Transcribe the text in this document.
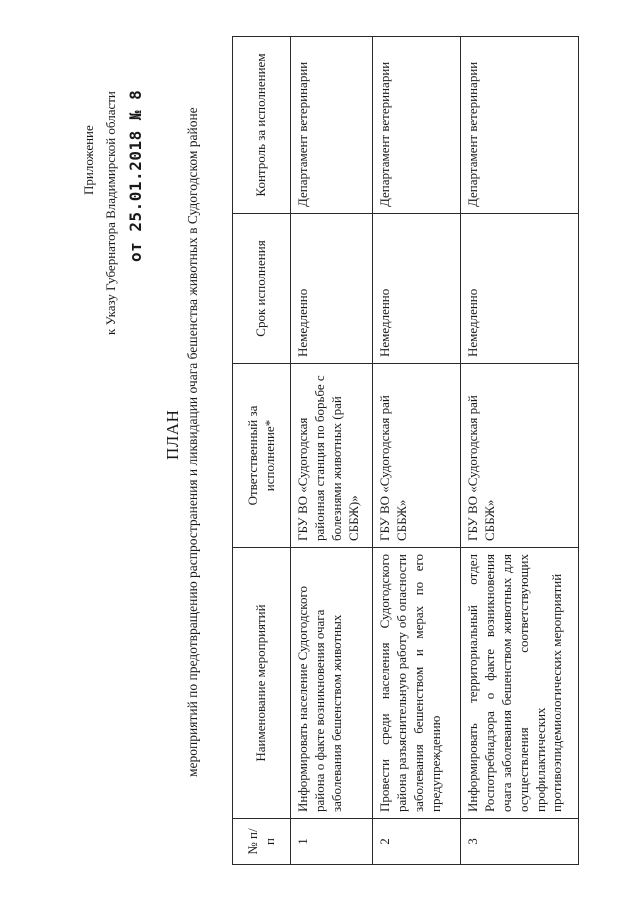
Приложение к Указу Губернатора Владимирской области от 25.01.2018 № 8
ПЛАН мероприятий по предотвращению распространения и ликвидации очага бешенства животных в Судогодском районе
№ п/п	Наименование мероприятий	Ответственный за исполнение*	Срок исполнения	Контроль за исполнением
1	Информировать население Судогодского района о факте возникновения очага заболевания бешенством животных	ГБУ ВО «Судогодская районная станция по борьбе с болезнями животных (рай СББЖ)»	Немедленно	Департамент ветеринарии
2	Провести среди населения Судогодского района разъяснительную работу об опасности заболевания бешенством и мерах по его предупреждению	ГБУ ВО «Судогодская рай СББЖ»	Немедленно	Департамент ветеринарии
3	Информировать территориальный отдел Роспотребнадзора о факте возникновения очага заболевания бешенством животных для осуществления соответствующих профилактических противоэпидемиологических мероприятий	ГБУ ВО «Судогодская рай СББЖ»	Немедленно	Департамент ветеринарии
